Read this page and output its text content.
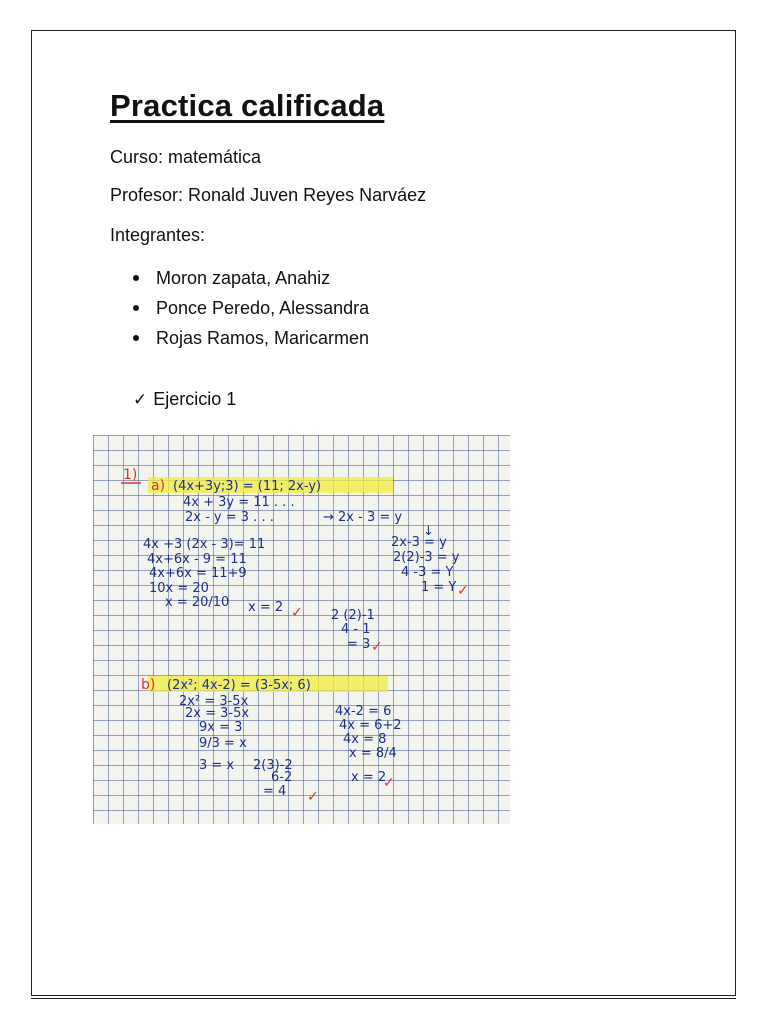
Practica calificada

Curso: matemática

Profesor: Ronald Juven Reyes Narváez

Integrantes:

Moron zapata, Anahiz
Ponce Peredo, Alessandra
Rojas Ramos, Maricarmen
✓ Ejercicio 1
1)
a) (4x+3y;3) = (11; 2x-y)
4x + 3y = 11 . . .
2x - y = 3 . . .	→ 2x - 3 = y
↓
4x +3 (2x - 3)= 11
4x+6x - 9 = 11
4x+6x = 11+9
10x = 20
x = 20/10 x = 2 ✓
2x-3 = y
2(2)-3 = y
4 -3 = Y
1 = Y ✓
2 (2)-1
4 - 1
= 3 ✓
b) (2x²; 4x-2) = (3-5x; 6)
2x² = 3-5x
2x = 3-5x
9x = 3
9/3 = x
3 = x 2(3)-2
6-2
= 4 ✓
4x-2 = 6
4x = 6+2
4x = 8
x = 8/4
x = 2
✓
